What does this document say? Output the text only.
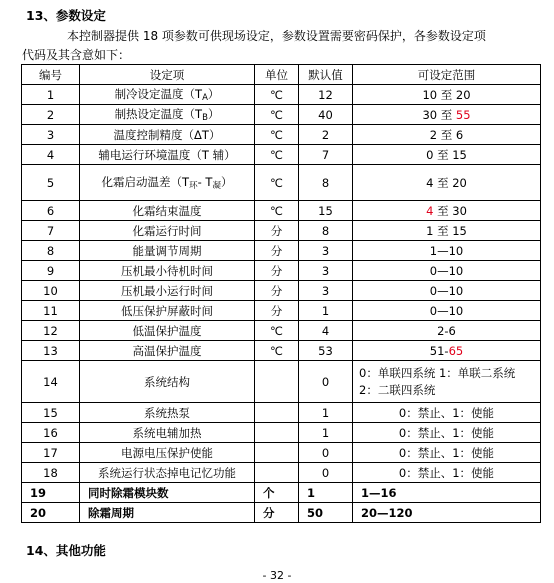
13、参数设定
本控制器提供 18 项参数可供现场设定，参数设置需要密码保护，各参数设定项
代码及其含意如下：
编号	设定项	单位	默认值	可设定范围
1	制冷设定温度$(T_A)$	℃	12	10 至 20
2	制热设定温度$(T_B)$	℃	40	30 至 55
3	温度控制精度（ΔT）	℃	2	2 至 6
4	辅电运行环境温度（T 辅）	℃	7	0 至 15
5	化霜启动温差（$T_环-$ $T_凝$）	℃	8	4 至 20
6	化霜结束温度	℃	15	4 至 30
7	化霜运行时间	分	8	1 至 15
8	能量调节周期	分	3	1—10
9	压机最小待机时间	分	3	0—10
10	压机最小运行时间	分	3	0—10
11	低压保护屏蔽时间	分	1	0—10
12	低温保护温度	℃	4	2-6
13	高温保护温度	℃	53	51-65
14	系统结构		0	0：单联四系统 1：单联二系统
2：二联四系统

15	系统热泵		1	0：禁止、1：使能
16	系统电辅加热		1	0：禁止、1：使能
17	电源电压保护使能		0	0：禁止、1：使能
18	系统运行状态掉电记忆功能		0	0：禁止、1：使能
19	同时除霜模块数	个	1	1—16
20	除霜周期	分	50	20—120
14、其他功能
- 32 -
